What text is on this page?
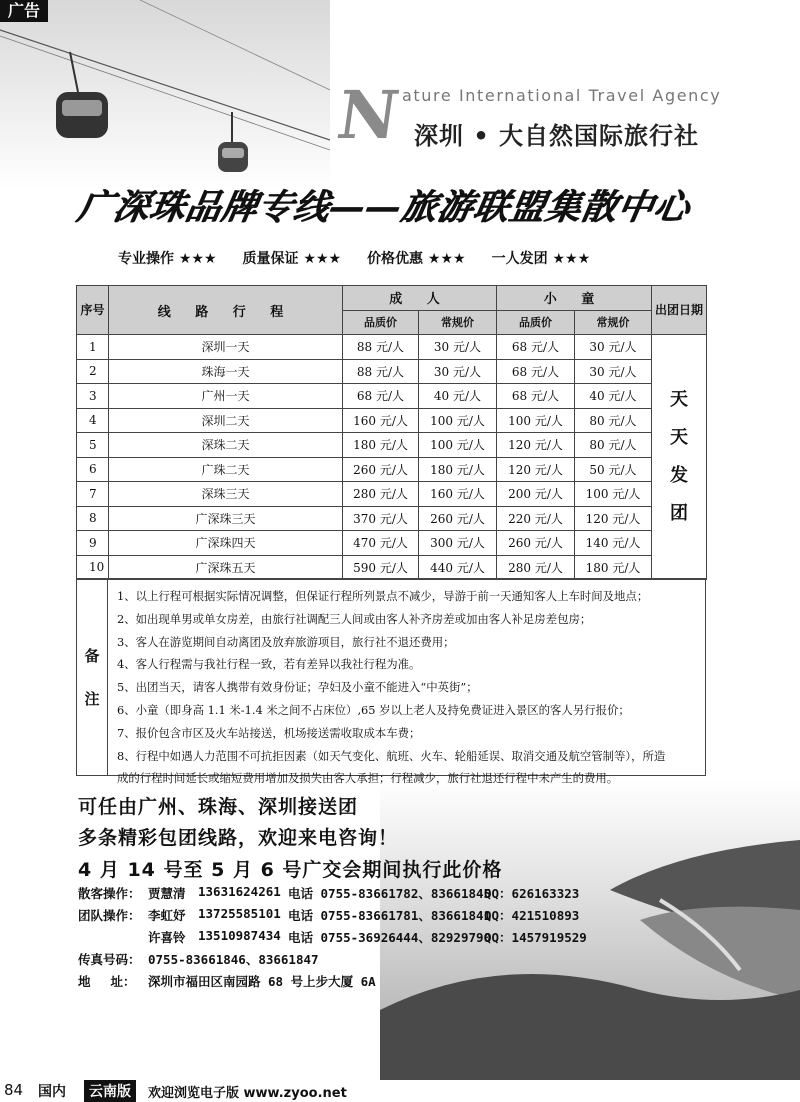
广告
N
ature International Travel Agency
深圳 • 大自然国际旅行社
广深珠品牌专线——旅游联盟集散中心
专业操作 ★★★ 质量保证 ★★★ 价格优惠 ★★★ 一人发团 ★★★
序号	线 路 行 程	成 人		小 童		出团日期
		品质价	常规价	品质价	常规价	
1	深圳一天	88 元/人	30 元/人	68 元/人	30 元/人	天
天
发
团

2	珠海一天	88 元/人	30 元/人	68 元/人	30 元/人	
3	广州一天	68 元/人	40 元/人	68 元/人	40 元/人	
4	深圳二天	160 元/人	100 元/人	100 元/人	80 元/人	
5	深珠二天	180 元/人	100 元/人	120 元/人	80 元/人	
6	广珠二天	260 元/人	180 元/人	120 元/人	50 元/人	
7	深珠三天	280 元/人	160 元/人	200 元/人	100 元/人	
8	广深珠三天	370 元/人	260 元/人	220 元/人	120 元/人	
9	广深珠四天	470 元/人	300 元/人	260 元/人	140 元/人	
10	广深珠五天	590 元/人	440 元/人	280 元/人	180 元/人	
备
注
1、以上行程可根据实际情况调整，但保证行程所列景点不减少，导游于前一天通知客人上车时间及地点；
2、如出现单男或单女房差，由旅行社调配三人间或由客人补齐房差或加由客人补足房差包房；
3、客人在游览期间自动离团及放弃旅游项目，旅行社不退还费用；
4、客人行程需与我社行程一致，若有差异以我社行程为准。
5、出团当天，请客人携带有效身份证；孕妇及小童不能进入“中英街”；
6、小童（即身高 1.1 米-1.4 米之间不占床位）,65 岁以上老人及持免费证进入景区的客人另行报价；
7、报价包含市区及火车站接送，机场接送需收取成本车费；
8、行程中如遇人力范围不可抗拒因素（如天气变化、航班、火车、轮船延误、取消交通及航空管制等），所造
成的行程时间延长或缩短费用增加及损失由客人承担；行程减少，旅行社退还行程中未产生的费用。
可任由广州、珠海、深圳接送团
多条精彩包团线路，欢迎来电咨询！
4 月 14 号至 5 月 6 号广交会期间执行此价格
散客操作： 贾慧清 13631624261 电话 0755-83661782、83661845
QQ：626163323
团队操作： 李虹妤 13725585101 电话 0755-83661781、83661841
QQ：421510893
许喜铃 13510987434 电话 0755-36926444、82929790
QQ：1457919529
传真号码： 0755-83661846、83661847
地　 址： 深圳市福田区南园路 68 号上步大厦 6A
84 国内	云南版	欢迎浏览电子版 www.zyoo.net
